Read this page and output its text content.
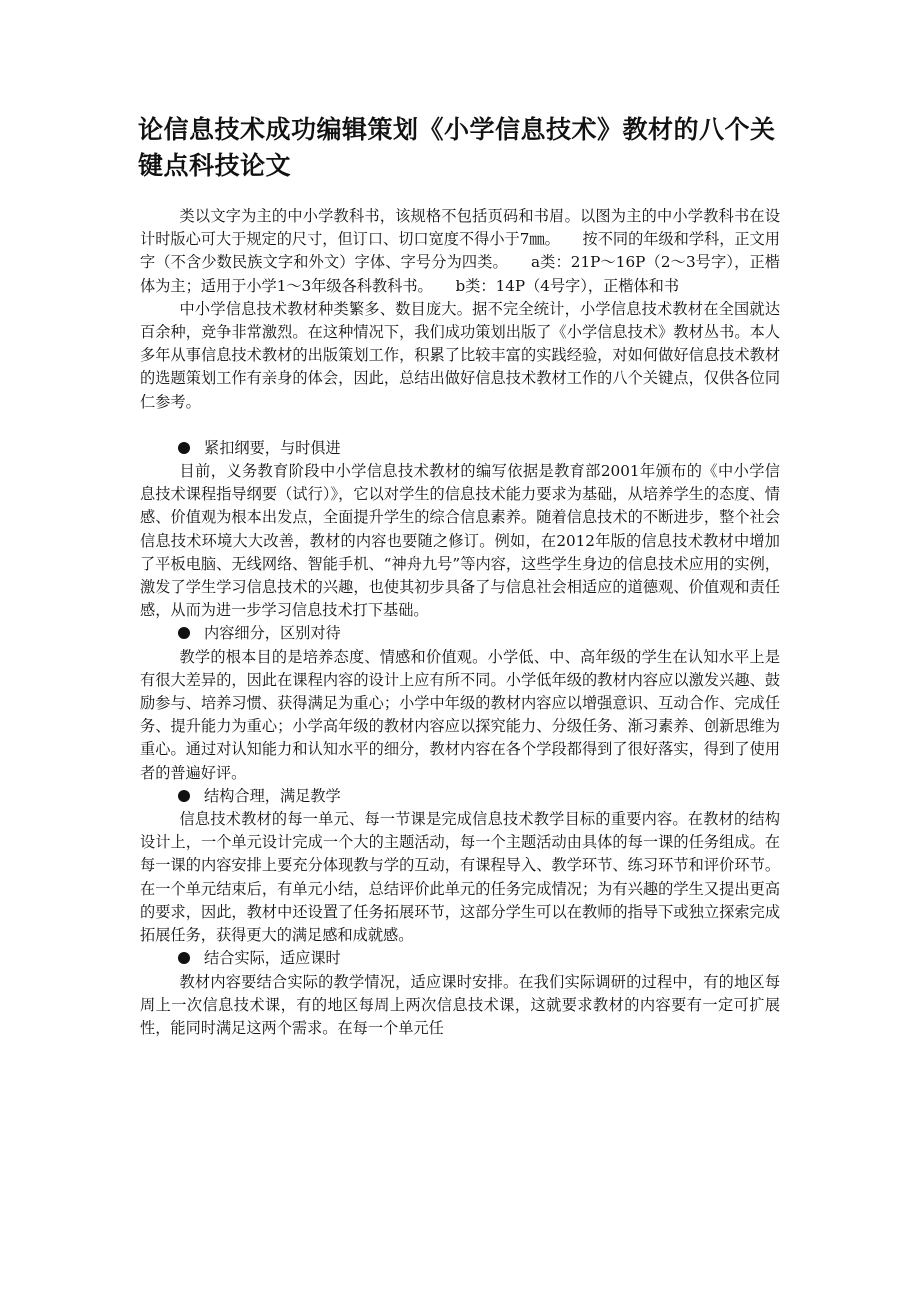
论信息技术成功编辑策划《小学信息技术》教材的八个关键点科技论文

类以文字为主的中小学教科书，该规格不包括页码和书眉。以图为主的中小学教科书在设计时版心可大于规定的尺寸，但订口、切口宽度不得小于7㎜。　　按不同的年级和学科，正文用字（不含少数民族文字和外文）字体、字号分为四类。　　a类：21P～16P（2～3号字），正楷体为主；适用于小学1～3年级各科教科书。　　b类：14P（4号字），正楷体和书

中小学信息技术教材种类繁多、数目庞大。据不完全统计，小学信息技术教材在全国就达百余种，竞争非常激烈。在这种情况下，我们成功策划出版了《小学信息技术》教材丛书。本人多年从事信息技术教材的出版策划工作，积累了比较丰富的实践经验，对如何做好信息技术教材的选题策划工作有亲身的体会，因此，总结出做好信息技术教材工作的八个关键点，仅供各位同仁参考。

紧扣纲要，与时俱进

目前，义务教育阶段中小学信息技术教材的编写依据是教育部2001年颁布的《中小学信息技术课程指导纲要（试行）》，它以对学生的信息技术能力要求为基础，从培养学生的态度、情感、价值观为根本出发点，全面提升学生的综合信息素养。随着信息技术的不断进步，整个社会信息技术环境大大改善，教材的内容也要随之修订。例如，在2012年版的信息技术教材中增加了平板电脑、无线网络、智能手机、“神舟九号”等内容，这些学生身边的信息技术应用的实例，激发了学生学习信息技术的兴趣，也使其初步具备了与信息社会相适应的道德观、价值观和责任感，从而为进一步学习信息技术打下基础。

内容细分，区别对待

教学的根本目的是培养态度、情感和价值观。小学低、中、高年级的学生在认知水平上是有很大差异的，因此在课程内容的设计上应有所不同。小学低年级的教材内容应以激发兴趣、鼓励参与、培养习惯、获得满足为重心；小学中年级的教材内容应以增强意识、互动合作、完成任务、提升能力为重心；小学高年级的教材内容应以探究能力、分级任务、渐习素养、创新思维为重心。通过对认知能力和认知水平的细分，教材内容在各个学段都得到了很好落实，得到了使用者的普遍好评。

结构合理，满足教学

信息技术教材的每一单元、每一节课是完成信息技术教学目标的重要内容。在教材的结构设计上，一个单元设计完成一个大的主题活动，每一个主题活动由具体的每一课的任务组成。在每一课的内容安排上要充分体现教与学的互动，有课程导入、教学环节、练习环节和评价环节。在一个单元结束后，有单元小结，总结评价此单元的任务完成情况；为有兴趣的学生又提出更高的要求，因此，教材中还设置了任务拓展环节，这部分学生可以在教师的指导下或独立探索完成拓展任务，获得更大的满足感和成就感。

结合实际，适应课时

教材内容要结合实际的教学情况，适应课时安排。在我们实际调研的过程中，有的地区每周上一次信息技术课，有的地区每周上两次信息技术课，这就要求教材的内容要有一定可扩展性，能同时满足这两个需求。在每一个单元任
